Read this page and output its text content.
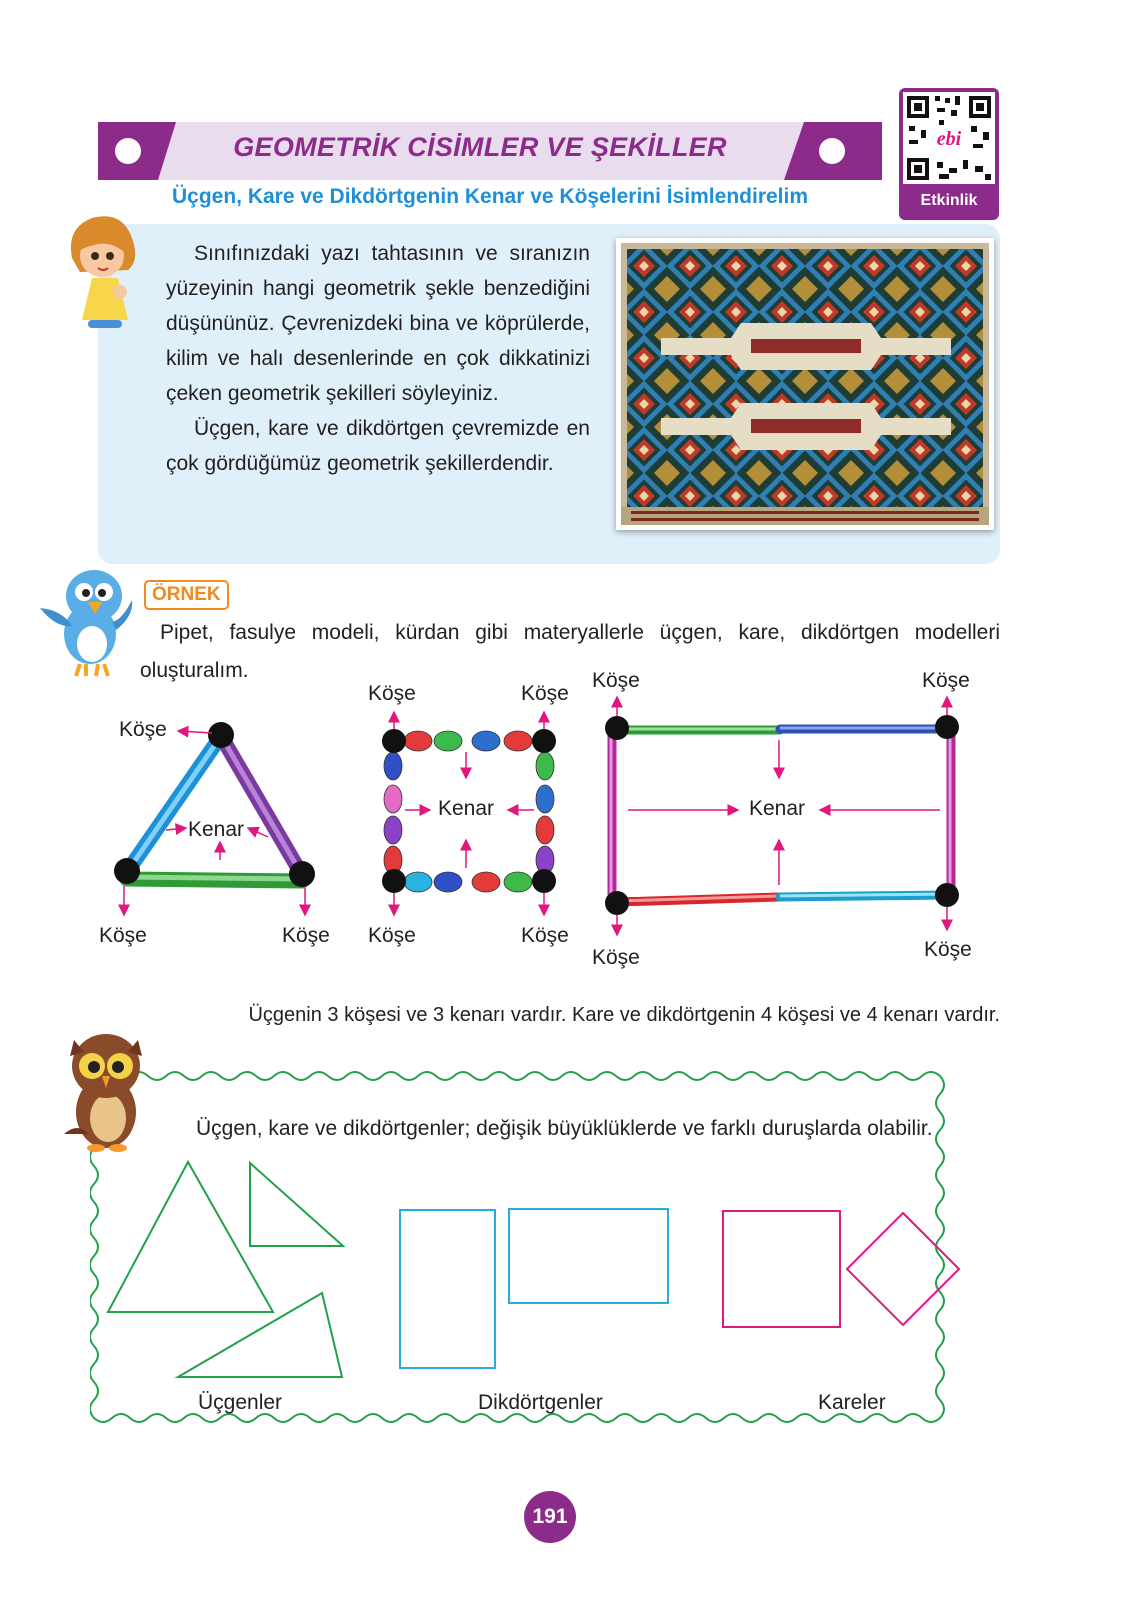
GEOMETRİK CİSİMLER VE ŞEKİLLER
Üçgen, Kare ve Dikdörtgenin Kenar ve Köşelerini İsimlendirelim
ebi
Etkinlik

Sınıfınızdaki yazı tahtasının ve sıranızın yüzeyinin hangi geometrik şekle benzediğini düşününüz. Çevrenizdeki bina ve köprülerde, kilim ve halı desenlerinde en çok dikkatinizi çeken geometrik şekilleri söyleyiniz.

Üçgen, kare ve dikdörtgen çevremizde en çok gördüğümüz geometrik şekillerdendir.

ÖRNEK
Pipet, fasulye modeli, kürdan gibi materyallerle üçgen, kare, dikdörtgen modelleri oluşturalım.
Köşe
Kenar
Köşe	Köşe
Köşe	Köşe
Kenar
Köşe	Köşe
Köşe	Köşe
Kenar
Köşe	Köşe
Üçgenin 3 köşesi ve 3 kenarı vardır. Kare ve dikdörtgenin 4 köşesi ve 4 kenarı vardır.
Üçgen, kare ve dikdörtgenler; değişik büyüklüklerde ve farklı duruşlarda olabilir.
Üçgenler	Dikdörtgenler	Kareler
191
